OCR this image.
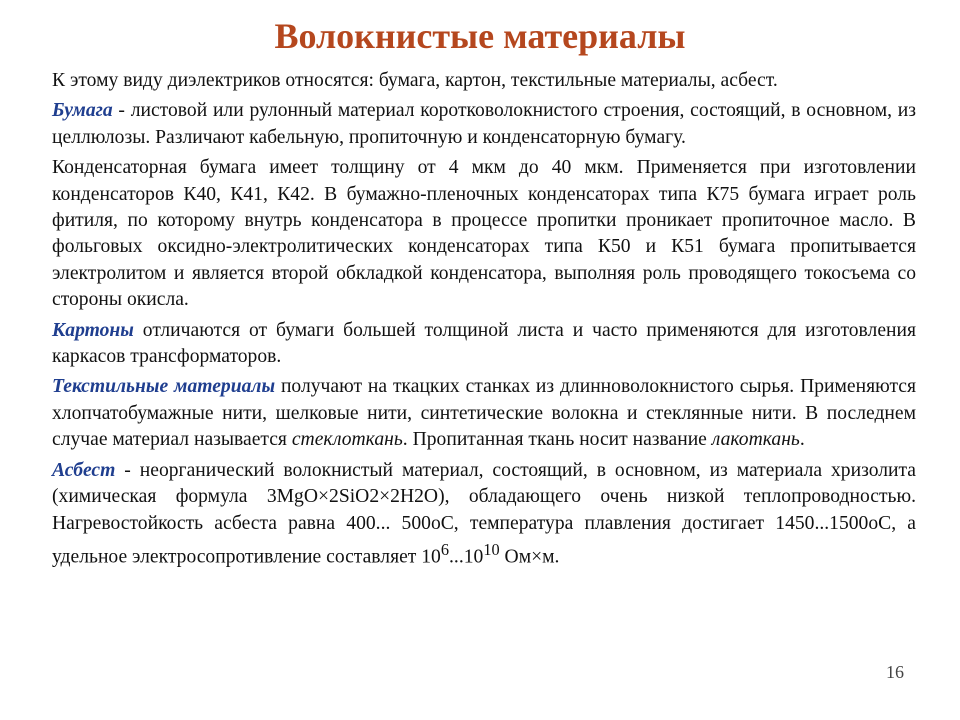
Волокнистые материалы

К этому виду диэлектриков относятся: бумага, картон, текстильные материалы, асбест.

Бумага - листовой или рулонный материал коротковолокнистого строения, состоящий, в основном, из целлюлозы. Различают кабельную, пропиточную и конденсаторную бумагу.

Конденсаторная бумага имеет толщину от 4 мкм до 40 мкм. Применяется при изготовлении конденсаторов К40, К41, К42. В бумажно-пленочных конденсаторах типа К75 бумага играет роль фитиля, по которому внутрь конденсатора в процессе пропитки проникает пропиточное масло. В фольговых оксидно-электролитических конденсаторах типа К50 и К51 бумага пропитывается электролитом и является второй обкладкой конденсатора, выполняя роль проводящего токосъема со стороны окисла.

Картоны отличаются от бумаги большей толщиной листа и часто применяются для изготовления каркасов трансформаторов.

Текстильные материалы получают на ткацких станках из длинноволокнистого сырья. Применяются хлопчатобумажные нити, шелковые нити, синтетические волокна и стеклянные нити. В последнем случае материал называется стеклоткань. Пропитанная ткань носит название лакоткань.

Асбест - неорганический волокнистый материал, состоящий, в основном, из материала хризолита (химическая формула 3MgO×2SiO2×2H2O), обладающего очень низкой теплопроводностью. Нагревостойкость асбеста равна 400... 500оС, температура плавления достигает 1450...1500оС, а удельное электросопротивление составляет $10^6...10^{10}$ Ом×м.

16
